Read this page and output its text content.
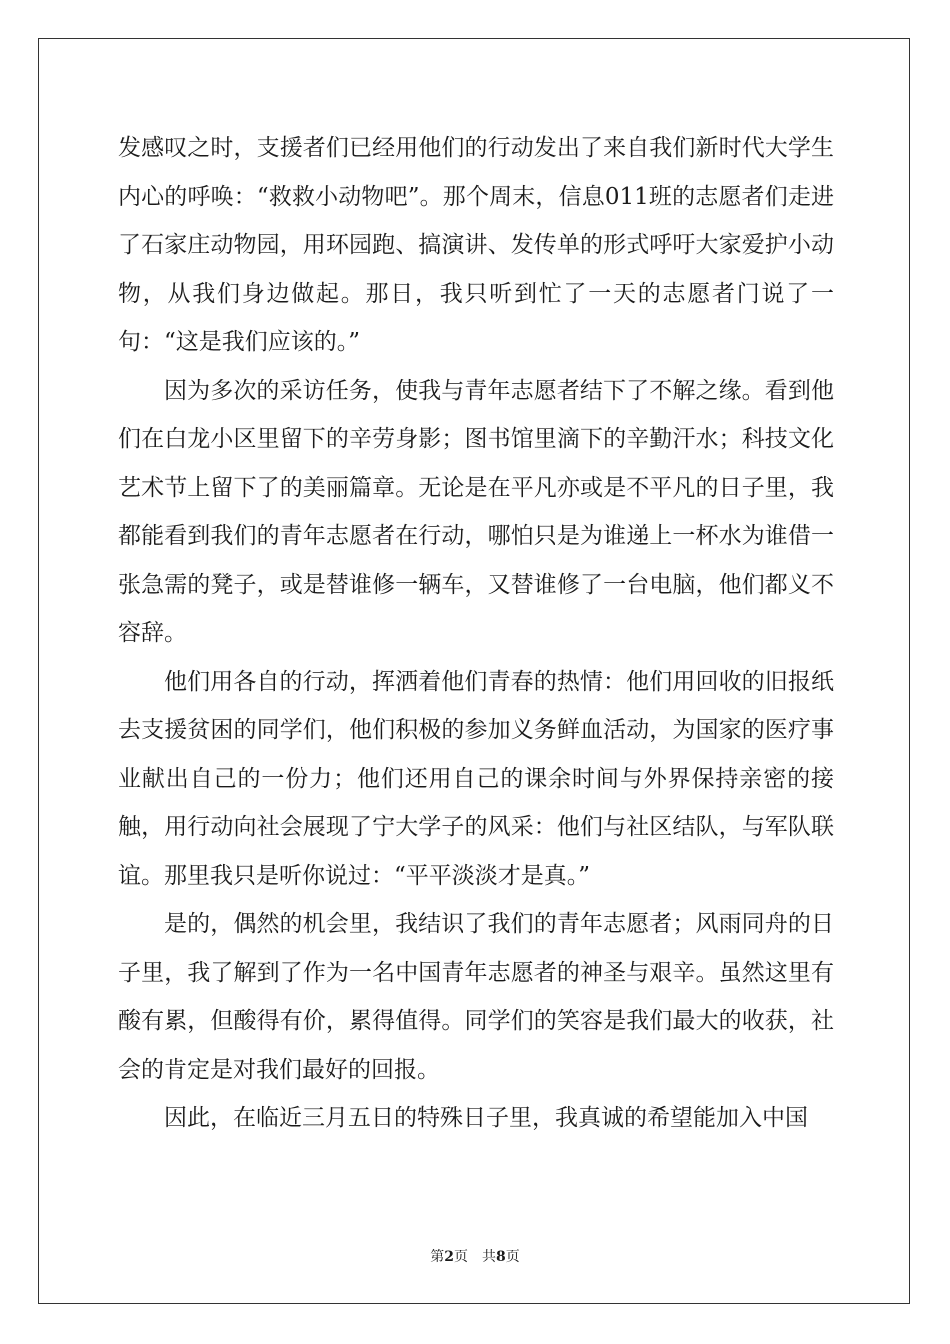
发感叹之时，支援者们已经用他们的行动发出了来自我们新时代大学生内心的呼唤：“救救小动物吧”。那个周末，信息011班的志愿者们走进了石家庄动物园，用环园跑、搞演讲、发传单的形式呼吁大家爱护小动物，从我们身边做起。那日，我只听到忙了一天的志愿者门说了一句：“这是我们应该的。”

因为多次的采访任务，使我与青年志愿者结下了不解之缘。看到他们在白龙小区里留下的辛劳身影；图书馆里滴下的辛勤汗水；科技文化艺术节上留下了的美丽篇章。无论是在平凡亦或是不平凡的日子里，我都能看到我们的青年志愿者在行动，哪怕只是为谁递上一杯水为谁借一张急需的凳子，或是替谁修一辆车，又替谁修了一台电脑，他们都义不容辞。

他们用各自的行动，挥洒着他们青春的热情：他们用回收的旧报纸去支援贫困的同学们，他们积极的参加义务鲜血活动，为国家的医疗事业献出自己的一份力；他们还用自己的课余时间与外界保持亲密的接触，用行动向社会展现了宁大学子的风采：他们与社区结队，与军队联谊。那里我只是听你说过：“平平淡淡才是真。”

是的，偶然的机会里，我结识了我们的青年志愿者；风雨同舟的日子里，我了解到了作为一名中国青年志愿者的神圣与艰辛。虽然这里有酸有累，但酸得有价，累得值得。同学们的笑容是我们最大的收获，社会的肯定是对我们最好的回报。

因此，在临近三月五日的特殊日子里，我真诚的希望能加入中国

第2页 共8页
